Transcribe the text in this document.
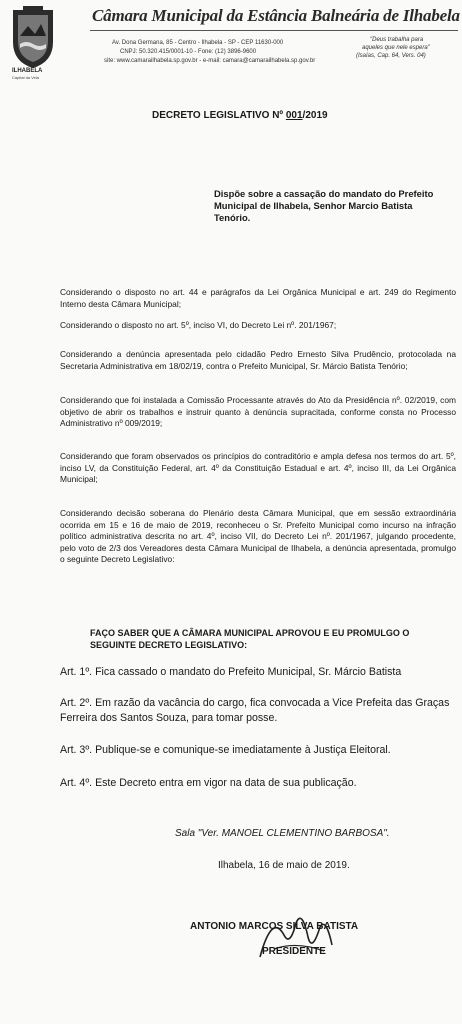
ILHABELA
Capital da Vela
Câmara Municipal da Estância Balneária de Ilhabela
Av. Dona Germana, 85 - Centro - Ilhabela - SP - CEP 11630-000
CNPJ: 50.320.415/0001-10 - Fone: (12) 3896-9600
site: www.camarailhabela.sp.gov.br - e-mail: camara@camarailhabela.sp.gov.br
"Deus trabalha para
aqueles que nele espera"
(Isaías, Cap. 64, Vers. 04)
DECRETO LEGISLATIVO Nº 001/2019
Dispõe sobre a cassação do mandato do Prefeito Municipal de Ilhabela, Senhor Marcio Batista Tenório.
Considerando o disposto no art. 44 e parágrafos da Lei Orgânica Municipal e art. 249 do Regimento Interno desta Câmara Municipal;
Considerando o disposto no art. 5º, inciso VI, do Decreto Lei nº. 201/1967;
Considerando a denúncia apresentada pelo cidadão Pedro Ernesto Silva Prudêncio, protocolada na Secretaria Administrativa em 18/02/19, contra o Prefeito Municipal, Sr. Márcio Batista Tenório;
Considerando que foi instalada a Comissão Processante através do Ato da Presidência nº. 02/2019, com objetivo de abrir os trabalhos e instruir quanto à denúncia supracitada, conforme consta no Processo Administrativo nº 009/2019;
Considerando que foram observados os princípios do contraditório e ampla defesa nos termos do art. 5º, inciso LV, da Constituição Federal, art. 4º da Constituição Estadual e art. 4º, inciso III, da Lei Orgânica Municipal;
Considerando decisão soberana do Plenário desta Câmara Municipal, que em sessão extraordinária ocorrida em 15 e 16 de maio de 2019, reconheceu o Sr. Prefeito Municipal como incurso na infração político administrativa descrita no art. 4º, inciso VII, do Decreto Lei nº. 201/1967, julgando procedente, pelo voto de 2/3 dos Vereadores desta Câmara Municipal de Ilhabela, a denúncia apresentada, promulgo o seguinte Decreto Legislativo:
FAÇO SABER QUE A CÂMARA MUNICIPAL APROVOU E EU PROMULGO O SEGUINTE DECRETO LEGISLATIVO:
Art. 1º. Fica cassado o mandato do Prefeito Municipal, Sr. Márcio Batista
Art. 2º. Em razão da vacância do cargo, fica convocada a Vice Prefeita das Graças Ferreira dos Santos Souza, para tomar posse.
Art. 3º. Publique-se e comunique-se imediatamente à Justiça Eleitoral.
Art. 4º. Este Decreto entra em vigor na data de sua publicação.
Sala "Ver. MANOEL CLEMENTINO BARBOSA".
Ilhabela, 16 de maio de 2019.
ANTONIO MARCOS SILVA BATISTA
PRESIDENTE
